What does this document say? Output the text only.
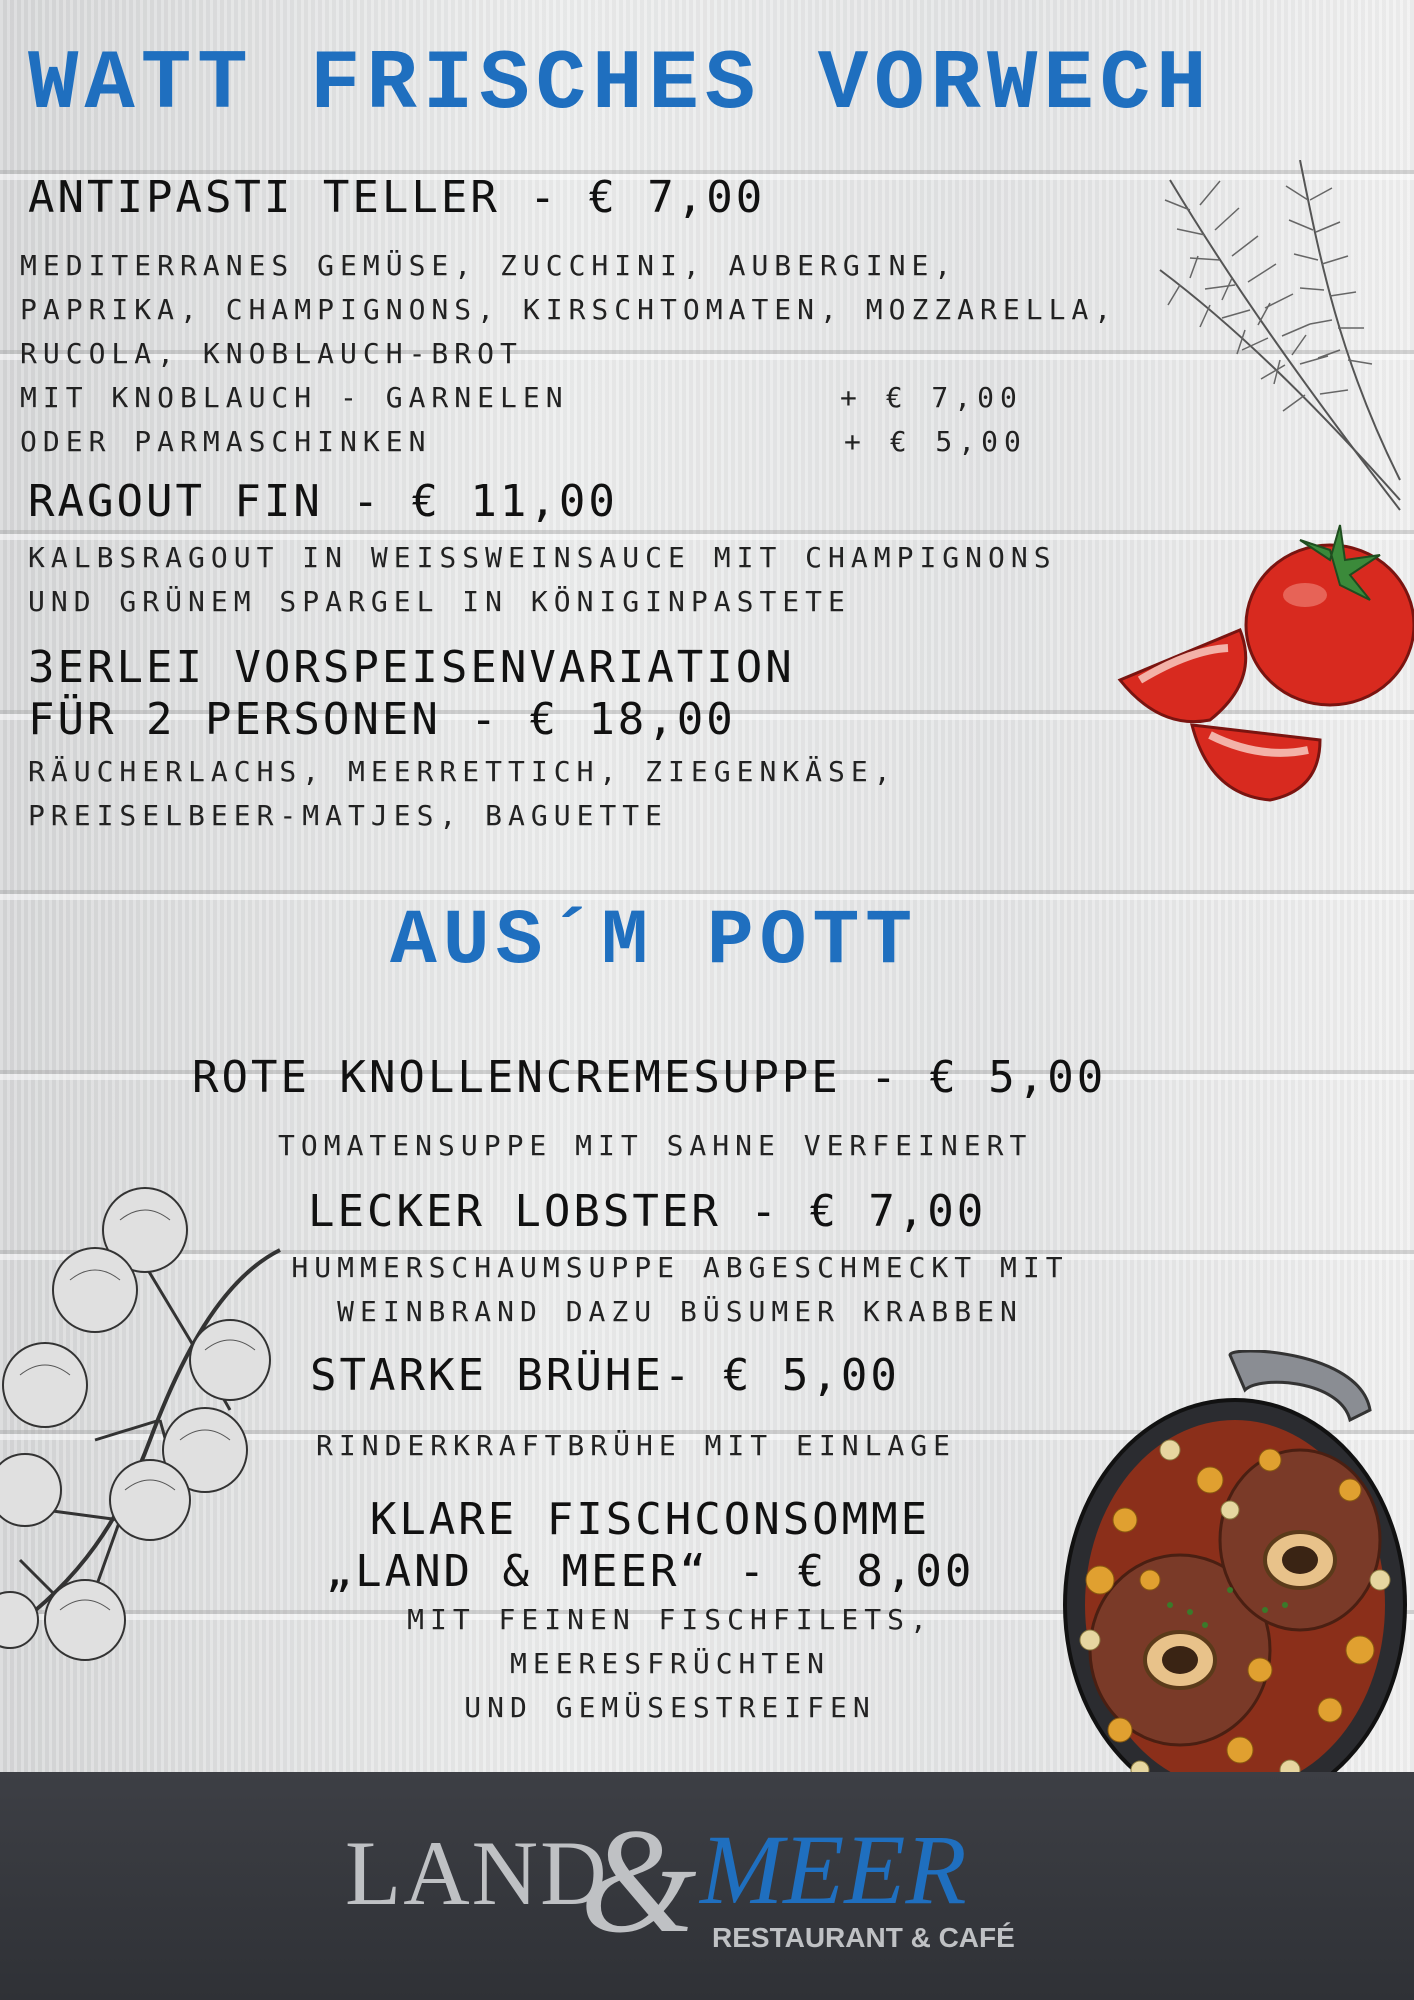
WATT FRISCHES VORWECH
ANTIPASTI TELLER - € 7,00
MEDITERRANES GEMÜSE, ZUCCHINI, AUBERGINE,
PAPRIKA, CHAMPIGNONS, KIRSCHTOMATEN, MOZZARELLA,
RUCOLA, KNOBLAUCH-BROT
MIT KNOBLAUCH - GARNELEN	+ € 7,00
ODER PARMASCHINKEN	+ € 5,00
RAGOUT FIN - € 11,00
KALBSRAGOUT IN WEISSWEINSAUCE MIT CHAMPIGNONS
UND GRÜNEM SPARGEL IN KÖNIGINPASTETE
3ERLEI VORSPEISENVARIATION
FÜR 2 PERSONEN - € 18,00
RÄUCHERLACHS, MEERRETTICH, ZIEGENKÄSE,
PREISELBEER-MATJES, BAGUETTE
AUS´M POTT
ROTE KNOLLENCREMESUPPE - € 5,00
TOMATENSUPPE MIT SAHNE VERFEINERT
LECKER LOBSTER - € 7,00
HUMMERSCHAUMSUPPE ABGESCHMECKT MIT
WEINBRAND DAZU BÜSUMER KRABBEN
STARKE BRÜHE- € 5,00
RINDERKRAFTBRÜHE MIT EINLAGE
KLARE FISCHCONSOMME
„LAND & MEER“ - € 8,00
MIT FEINEN FISCHFILETS,
MEERESFRÜCHTEN
UND GEMÜSESTREIFEN
LAND
& MEER
RESTAURANT & CAFÉ
